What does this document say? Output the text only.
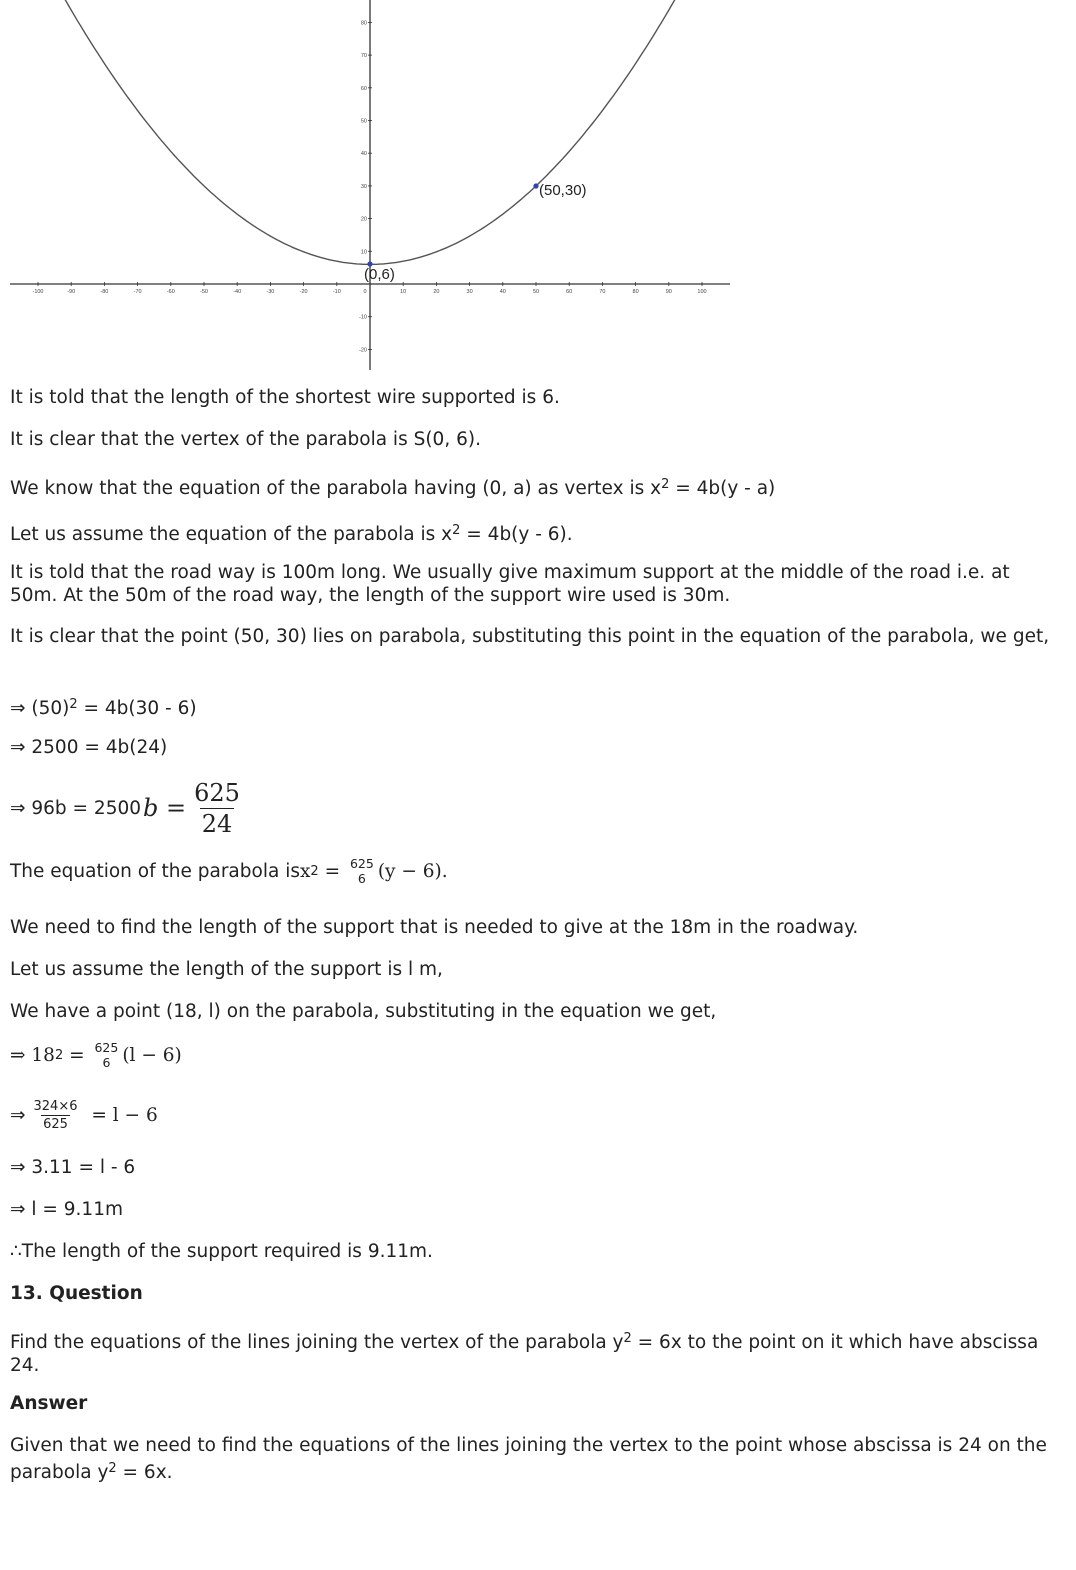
-100	-90	-80	-70	-60	-50	-40	-30	-20	-10	0	10	20	30	40	50	60	70	80	90	100
80
70
60
50
40
30
20
10
-10
-20
(50,30)
(0,6)

It is told that the length of the shortest wire supported is 6.

It is clear that the vertex of the parabola is S(0, 6).

We know that the equation of the parabola having (0, a) as vertex is $x^2 = 4b(y - a)$

Let us assume the equation of the parabola is $x^2 = 4b(y - 6)$.

It is told that the road way is 100m long. We usually give maximum support at the middle of the road i.e. at 50m. At the 50m of the road way, the length of the support wire used is 30m.

It is clear that the point (50, 30) lies on parabola, substituting this point in the equation of the parabola, we get,

⇒ $(50)^2 = 4b(30 - 6)$

⇒ 2500 = 4b(24)

⇒ 96b = 2500 $b = \frac{625}{24}$

The equation of the parabola is x 2 = 625
6 (y − 6).

We need to find the length of the support that is needed to give at the 18m in the roadway.

Let us assume the length of the support is l m,

We have a point (18, l) on the parabola, substituting in the equation we get,

⇒ 18 2 = 625
6 (l − 6)

⇒ $\frac{324\times 6}{625} = l - 6$

⇒ 3.11 = l - 6

⇒ l = 9.11m

∴The length of the support required is 9.11m.

13. Question

Find the equations of the lines joining the vertex of the parabola $y^2 = 6x$ to the point on it which have abscissa 24.

Answer

Given that we need to find the equations of the lines joining the vertex to the point whose abscissa is 24 on the parabola $y^2 = 6x$.
